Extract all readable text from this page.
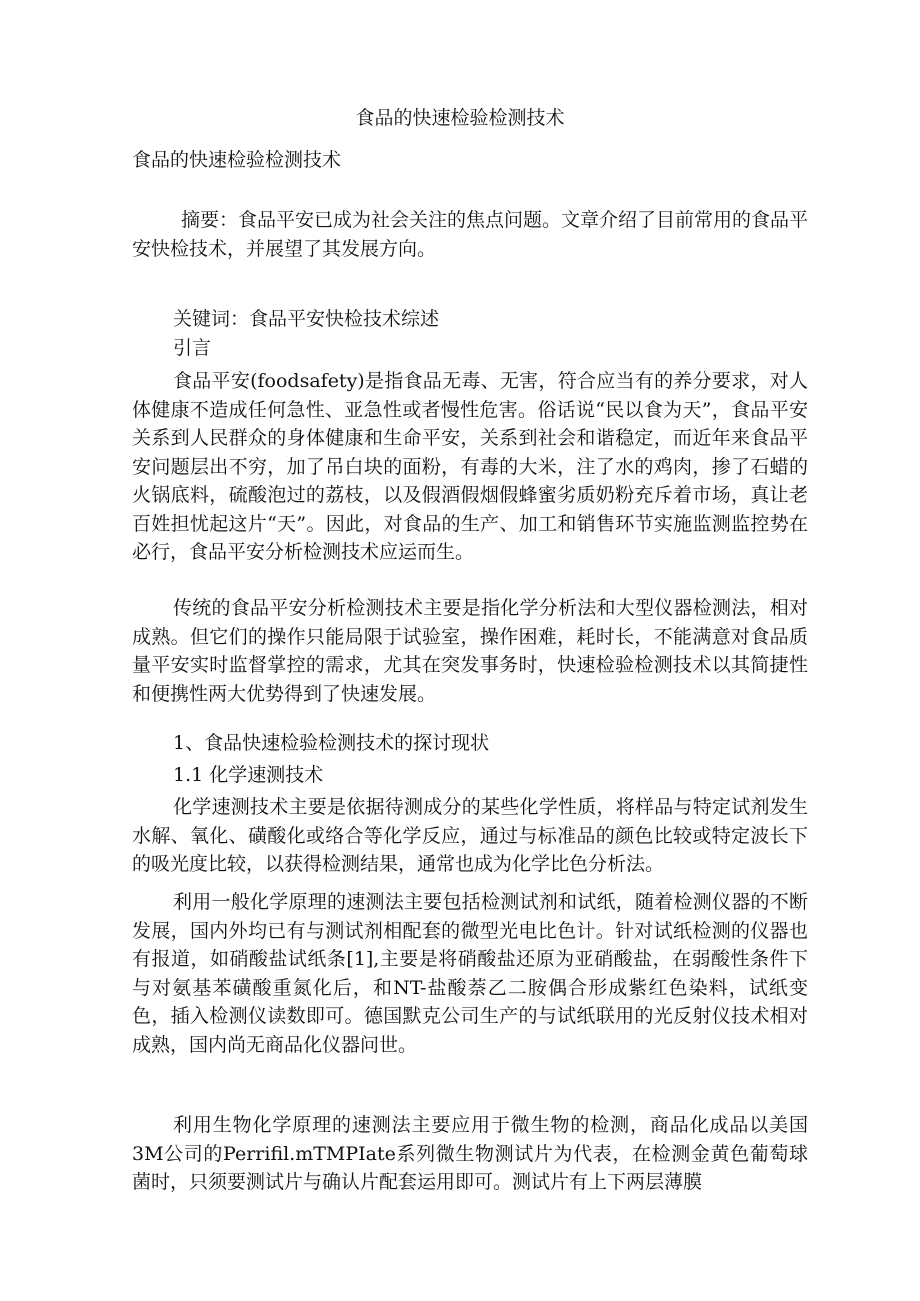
食品的快速检验检测技术
食品的快速检验检测技术

摘要：食品平安已成为社会关注的焦点问题。文章介绍了目前常用的食品平安快检技术，并展望了其发展方向。

关键词：食品平安快检技术综述

引言

食品平安(foodsafety)是指食品无毒、无害，符合应当有的养分要求，对人体健康不造成任何急性、亚急性或者慢性危害。俗话说“民以食为天”，食品平安关系到人民群众的身体健康和生命平安，关系到社会和谐稳定，而近年来食品平安问题层出不穷，加了吊白块的面粉，有毒的大米，注了水的鸡肉，掺了石蜡的火锅底料，硫酸泡过的荔枝，以及假酒假烟假蜂蜜劣质奶粉充斥着市场，真让老百姓担忧起这片“天”。因此，对食品的生产、加工和销售环节实施监测监控势在必行，食品平安分析检测技术应运而生。

传统的食品平安分析检测技术主要是指化学分析法和大型仪器检测法，相对成熟。但它们的操作只能局限于试验室，操作困难，耗时长，不能满意对食品质量平安实时监督掌控的需求，尤其在突发事务时，快速检验检测技术以其简捷性和便携性两大优势得到了快速发展。

1、食品快速检验检测技术的探讨现状

1.1 化学速测技术

化学速测技术主要是依据待测成分的某些化学性质，将样品与特定试剂发生水解、氧化、磺酸化或络合等化学反应，通过与标准品的颜色比较或特定波长下的吸光度比较，以获得检测结果，通常也成为化学比色分析法。

利用一般化学原理的速测法主要包括检测试剂和试纸，随着检测仪器的不断发展，国内外均已有与测试剂相配套的微型光电比色计。针对试纸检测的仪器也有报道，如硝酸盐试纸条[1],主要是将硝酸盐还原为亚硝酸盐，在弱酸性条件下与对氨基苯磺酸重氮化后，和NT-盐酸萘乙二胺偶合形成紫红色染料，试纸变色，插入检测仪读数即可。德国默克公司生产的与试纸联用的光反射仪技术相对成熟，国内尚无商品化仪器问世。

利用生物化学原理的速测法主要应用于微生物的检测，商品化成品以美国3M公司的Perrifil.mTMPIate系列微生物测试片为代表，在检测金黄色葡萄球菌时，只须要测试片与确认片配套运用即可。测试片有上下两层薄膜
